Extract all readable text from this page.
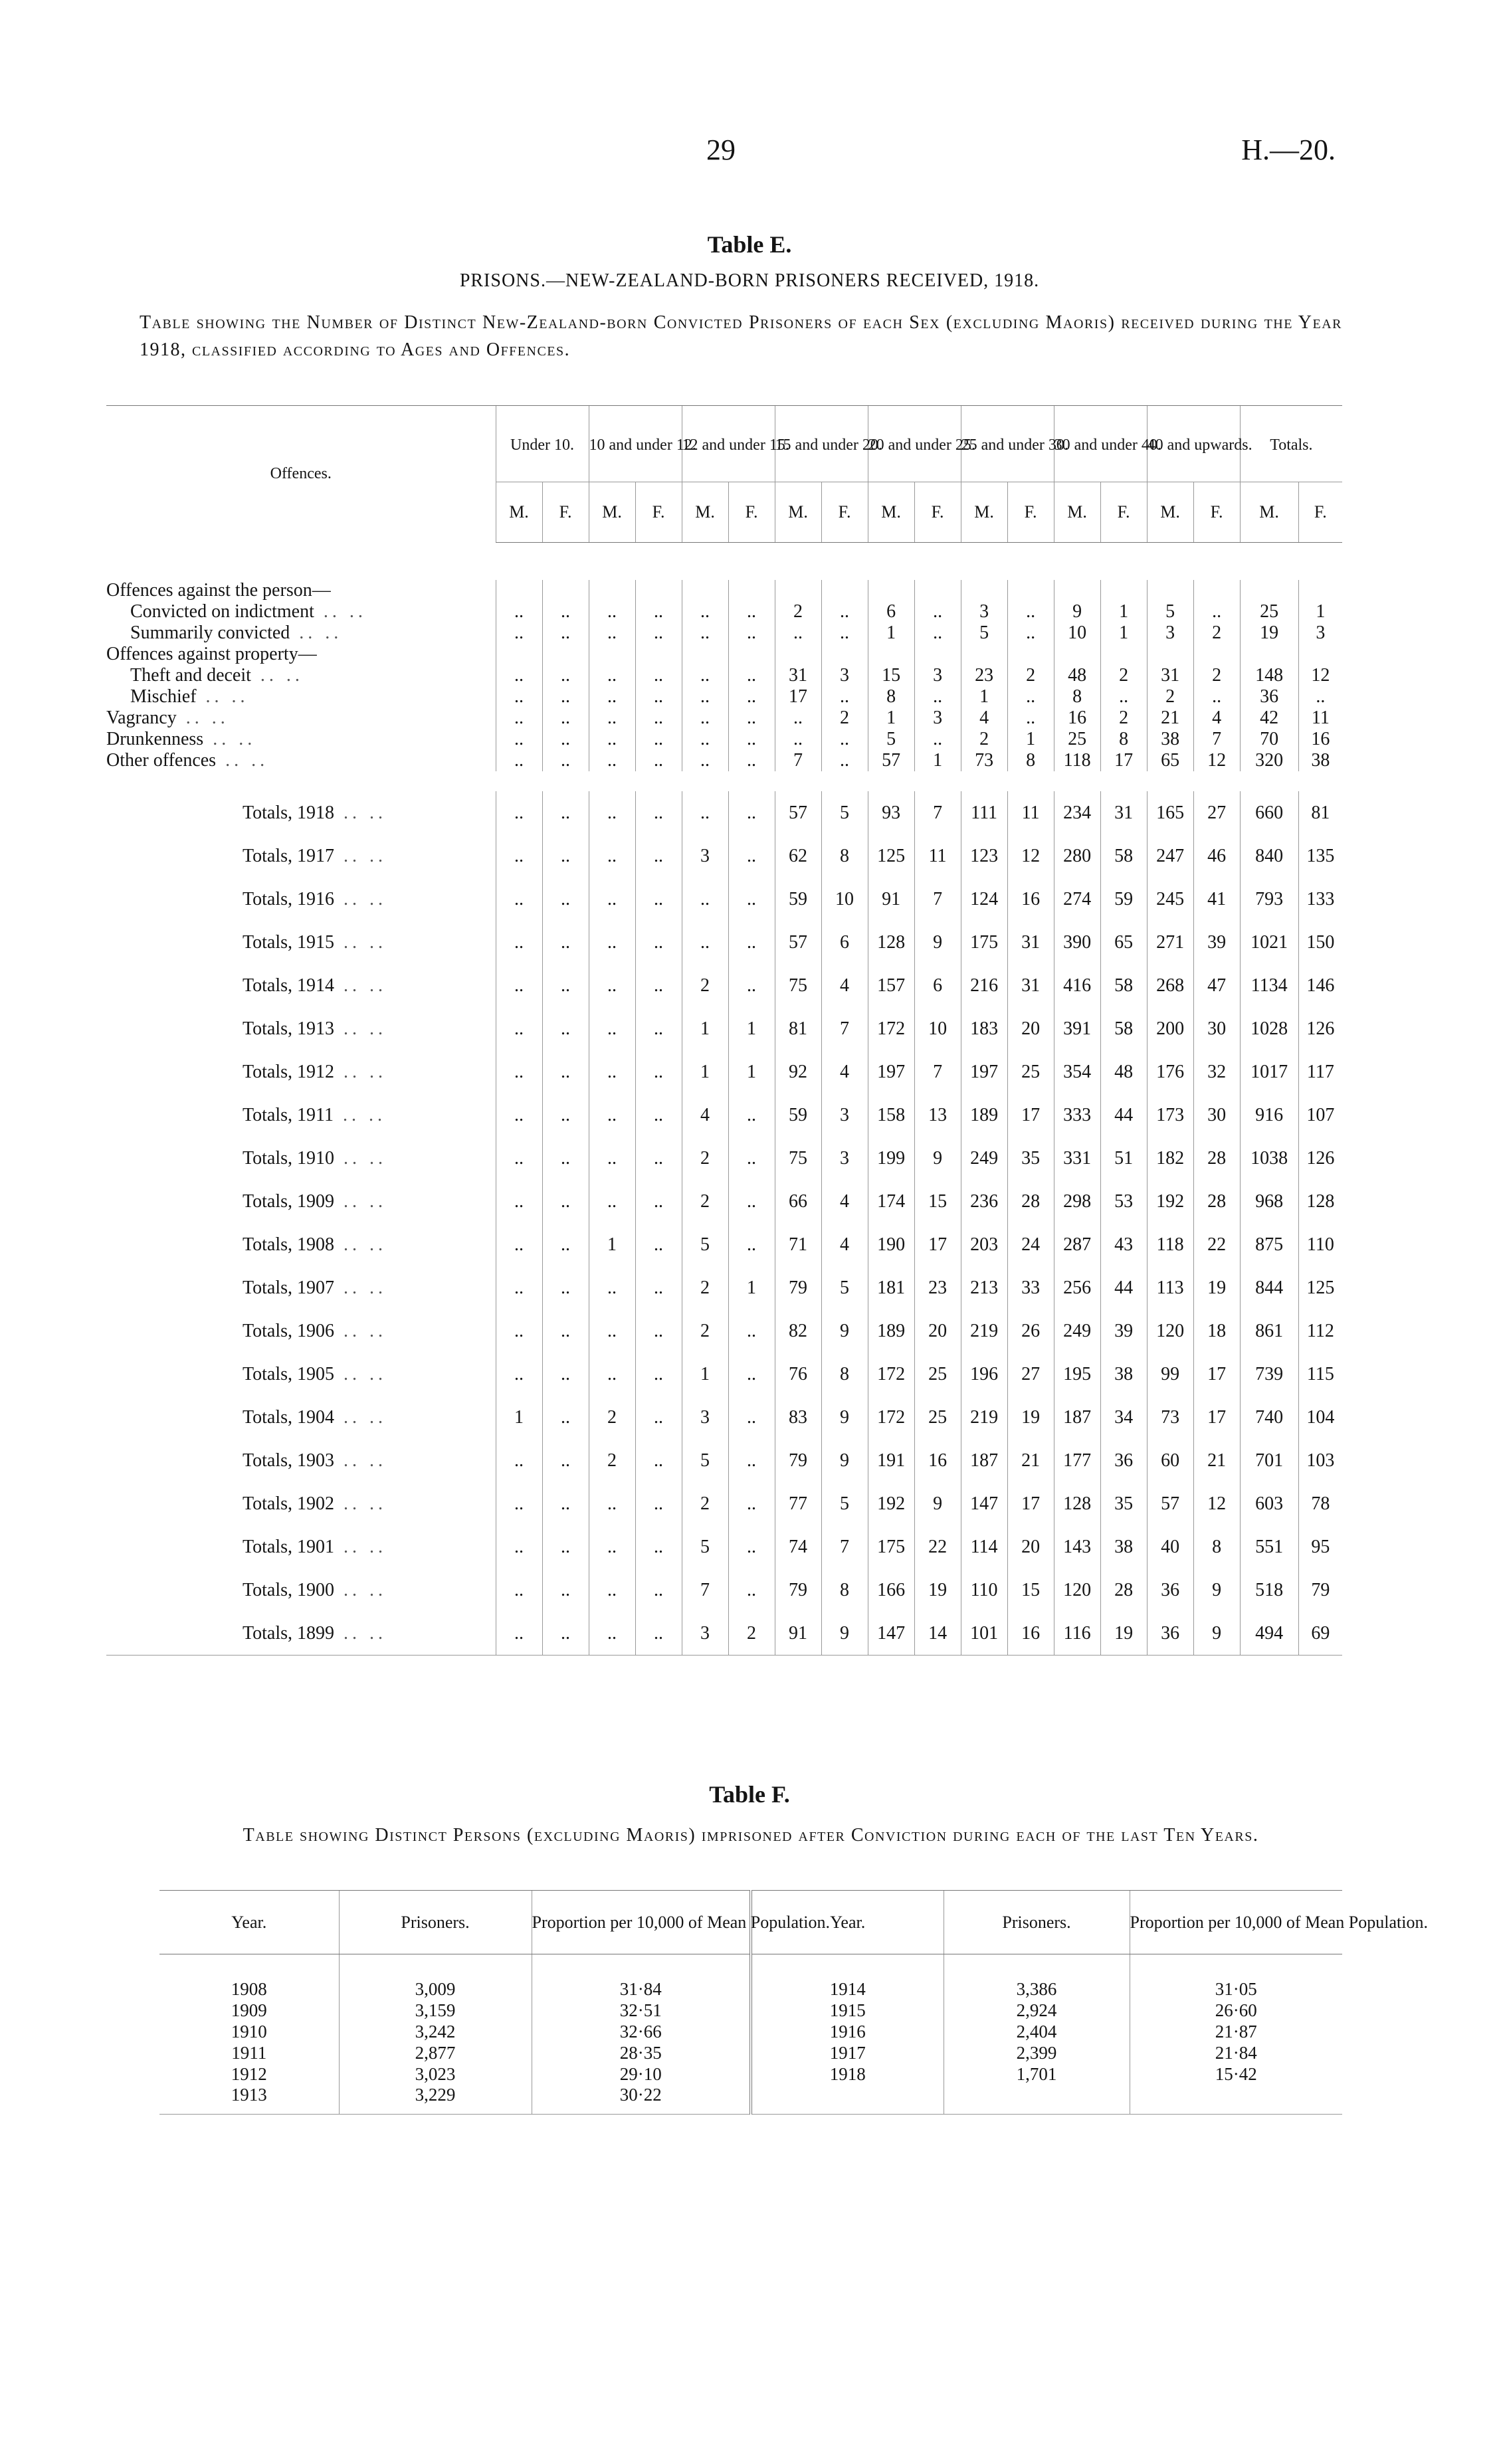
29	H.—20.
Table E.
PRISONS.—NEW-ZEALAND-BORN PRISONERS RECEIVED, 1918.
Table showing the Number of Distinct New-Zealand-born Convicted Prisoners of each Sex (excluding Maoris) received during the Year 1918, classified according to Ages and Offences.
Offences.	Under 10.		10 and under 12.		12 and under 15.		15 and under 20.		20 and under 25.		25 and under 30.		30 and under 40.		40 and upwards.		Totals.	
	M.	F.	M.	F.	M.	F.	M.	F.	M.	F.	M.	F.	M.	F.	M.	F.	M.	F.

Offences against the person—																		
Convicted on indictment .. ..	..	..	..	..	..	..	2	..	6	..	3	..	9	1	5	..	25	1
Summarily convicted .. ..	..	..	..	..	..	..	..	..	1	..	5	..	10	1	3	2	19	3
Offences against property—																		
Theft and deceit .. ..	..	..	..	..	..	..	31	3	15	3	23	2	48	2	31	2	148	12
Mischief .. ..	..	..	..	..	..	..	17	..	8	..	1	..	8	..	2	..	36	..
Vagrancy .. ..	..	..	..	..	..	..	..	2	1	3	4	..	16	2	21	4	42	11
Drunkenness .. ..	..	..	..	..	..	..	..	..	5	..	2	1	25	8	38	7	70	16
Other offences .. ..	..	..	..	..	..	..	7	..	57	1	73	8	118	17	65	12	320	38

Totals, 1918 .. ..	..	..	..	..	..	..	57	5	93	7	111	11	234	31	165	27	660	81
Totals, 1917 .. ..	..	..	..	..	3	..	62	8	125	11	123	12	280	58	247	46	840	135
Totals, 1916 .. ..	..	..	..	..	..	..	59	10	91	7	124	16	274	59	245	41	793	133
Totals, 1915 .. ..	..	..	..	..	..	..	57	6	128	9	175	31	390	65	271	39	1021	150
Totals, 1914 .. ..	..	..	..	..	2	..	75	4	157	6	216	31	416	58	268	47	1134	146
Totals, 1913 .. ..	..	..	..	..	1	1	81	7	172	10	183	20	391	58	200	30	1028	126
Totals, 1912 .. ..	..	..	..	..	1	1	92	4	197	7	197	25	354	48	176	32	1017	117
Totals, 1911 .. ..	..	..	..	..	4	..	59	3	158	13	189	17	333	44	173	30	916	107
Totals, 1910 .. ..	..	..	..	..	2	..	75	3	199	9	249	35	331	51	182	28	1038	126
Totals, 1909 .. ..	..	..	..	..	2	..	66	4	174	15	236	28	298	53	192	28	968	128
Totals, 1908 .. ..	..	..	1	..	5	..	71	4	190	17	203	24	287	43	118	22	875	110
Totals, 1907 .. ..	..	..	..	..	2	1	79	5	181	23	213	33	256	44	113	19	844	125
Totals, 1906 .. ..	..	..	..	..	2	..	82	9	189	20	219	26	249	39	120	18	861	112
Totals, 1905 .. ..	..	..	..	..	1	..	76	8	172	25	196	27	195	38	99	17	739	115
Totals, 1904 .. ..	1	..	2	..	3	..	83	9	172	25	219	19	187	34	73	17	740	104
Totals, 1903 .. ..	..	..	2	..	5	..	79	9	191	16	187	21	177	36	60	21	701	103
Totals, 1902 .. ..	..	..	..	..	2	..	77	5	192	9	147	17	128	35	57	12	603	78
Totals, 1901 .. ..	..	..	..	..	5	..	74	7	175	22	114	20	143	38	40	8	551	95
Totals, 1900 .. ..	..	..	..	..	7	..	79	8	166	19	110	15	120	28	36	9	518	79
Totals, 1899 .. ..	..	..	..	..	3	2	91	9	147	14	101	16	116	19	36	9	494	69
Table F.
Table showing Distinct Persons (excluding Maoris) imprisoned after Conviction during each of the last Ten Years.
Year.	Prisoners.	Proportion per 10,000 of Mean Population.	Year.	Prisoners.	Proportion per 10,000 of Mean Population.

1908	3,009	31·84	1914	3,386	31·05
1909	3,159	32·51	1915	2,924	26·60
1910	3,242	32·66	1916	2,404	21·87
1911	2,877	28·35	1917	2,399	21·84
1912	3,023	29·10	1918	1,701	15·42
1913	3,229	30·22			
